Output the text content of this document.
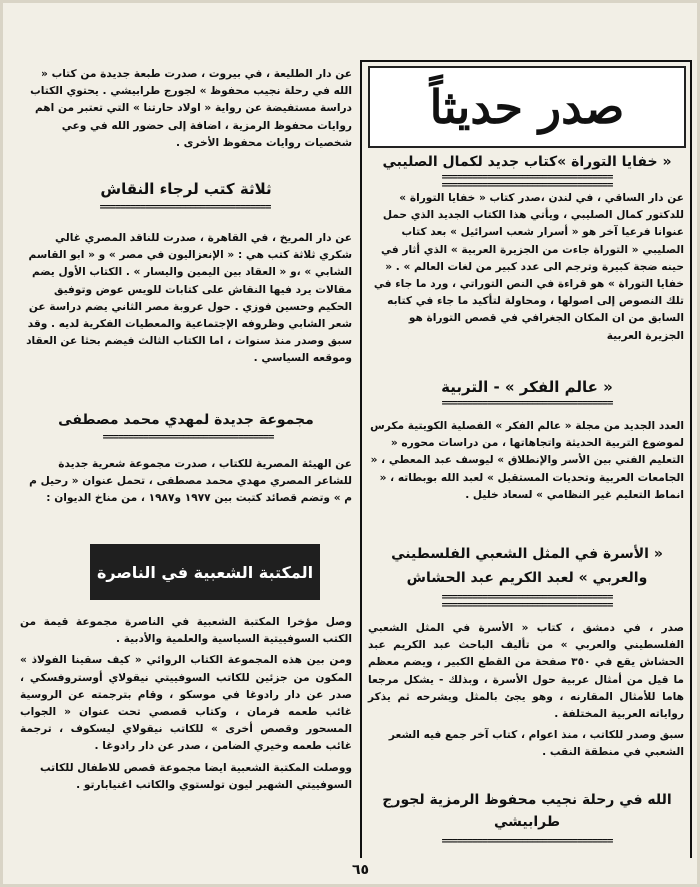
صدر حديثاً
« خفايا التوراة »كتاب جديد لكمال الصليبي
==================================
==================================

عن دار الساقي ، في لندن ،صدر كتاب « خفايا التوراة » للدكتور كمال الصليبي ، ويأتي هذا الكتاب الجديد الذي حمل عنوانا فرعيا آخر هو « أسرار شعب اسرائيل » بعد كتاب الصليبي « التوراة جاءت من الجزيرة العربية » الذي أثار في حينه ضجة كبيرة وترجم الى عدد كبير من لغات العالم » . « خفايا التوراة » هو قراءة في النص التوراتي ، ورد ما جاء في تلك النصوص إلى اصولها ، ومحاولة لتأكيد ما جاء في كتابه السابق من ان المكان الجغرافي في قصص التوراة هو الجزيرة العربية

« عالم الفكر » - التربية
==================================

العدد الجديد من مجلة « عالم الفكر » الفصلية الكويتية مكرس لموضوع التربية الحديثة واتجاهاتها ، من دراسات محوره « التعليم الفني بين الأسر والإنطلاق » ليوسف عبد المعطي ، « الجامعات العربية وتحديات المستقبل » لعبد الله بوبطاته ، « انماط التعليم غير النظامي » لسعاد خليل .

« الأسرة في المثل الشعبي الفلسطيني
والعربي » لعبد الكريم عبد الحشاش
==================================
==================================

صدر ، في دمشق ، كتاب « الأسرة في المثل الشعبي الفلسطيني والعربي » من تأليف الباحث عبد الكريم عبد الحشاش يقع في ٣٥٠ صفحة من القطع الكبير ، ويضم معظم ما قيل من أمثال عربية حول الأسرة ، وبذلك - يشكل مرجعا هاما للأمثال المقارنه ، وهو يجئ بالمثل ويشرحه ثم يذكر رواياته العربية المختلفة .

سبق وصدر للكاتب ، منذ اعوام ، كتاب آخر جمع فيه الشعر الشعبي في منطقة النقب .

الله في رحلة نجيب محفوظ الرمزية لجورج
طرابيشي
==================================

عن دار الطليعة ، في بيروت ، صدرت طبعة جديدة من كتاب « الله في رحلة نجيب محفوظ » لجورج طرابيشي . يحتوي الكتاب دراسة مستفيضة عن رواية « اولاد حارتنا » التي تعتبر من اهم روايات محفوظ الرمزية ، اضافة إلى حضور الله في وعي شخصيات روايات محفوظ الأخرى .

ثلاثة كتب لرجاء النقاش
==================================

عن دار المريخ ، في القاهرة ، صدرت للناقد المصري غالي شكري ثلاثة كتب هي : « الإنعزاليون في مصر » و « ابو القاسم الشابي » ،و « العقاد بين اليمين واليسار » . الكتاب الأول يضم مقالات يرد فيها النقاش على كتابات للويس عوض وتوفيق الحكيم وحسين فوزي . حول عروبة مصر الثاني يضم دراسة عن شعر الشابي وظروفه الإجتماعية والمعطيات الفكرية لديه . وقد سبق وصدر منذ سنوات ، اما الكتاب الثالث فيضم بحثا عن العقاد وموقعه السياسي .

مجموعة جديدة لمهدي محمد مصطفى
==================================

عن الهيئة المصرية للكتاب ، صدرت مجموعة شعرية جديدة للشاعر المصري مهدي محمد مصطفى ، تحمل عنوان « رحيل م م » وتضم قصائد كتبت بين ١٩٧٧ و١٩٨٧ ، من مناخ الديوان :

المكتبة الشعبية في الناصرة

وصل مؤخرا المكتبة الشعبية في الناصرة مجموعة قيمة من الكتب السوفييتية السياسية والعلمية والأدبية .

ومن بين هذه المجموعة الكتاب الروائي « كيف سقينا الفولاذ » المكون من جزئين للكاتب السوفييتي نيقولاي أوستروفسكي ، صدر عن دار رادوغا في موسكو ، وقام بترجمته عن الروسية غائب طعمه فرمان ، وكتاب قصصي تحت عنوان « الجواب المسحور وقصص أخرى » للكاتب نيقولاي ليسكوف ، ترجمة غائب طعمه وخيري الضامن ، صدر عن دار رادوغا .

ووصلت المكتبة الشعبية ايضا مجموعة قصص للاطفال للكاتب السوفييتي الشهير ليون تولستوي والكاتب اغنيابارتو .

٦٥
